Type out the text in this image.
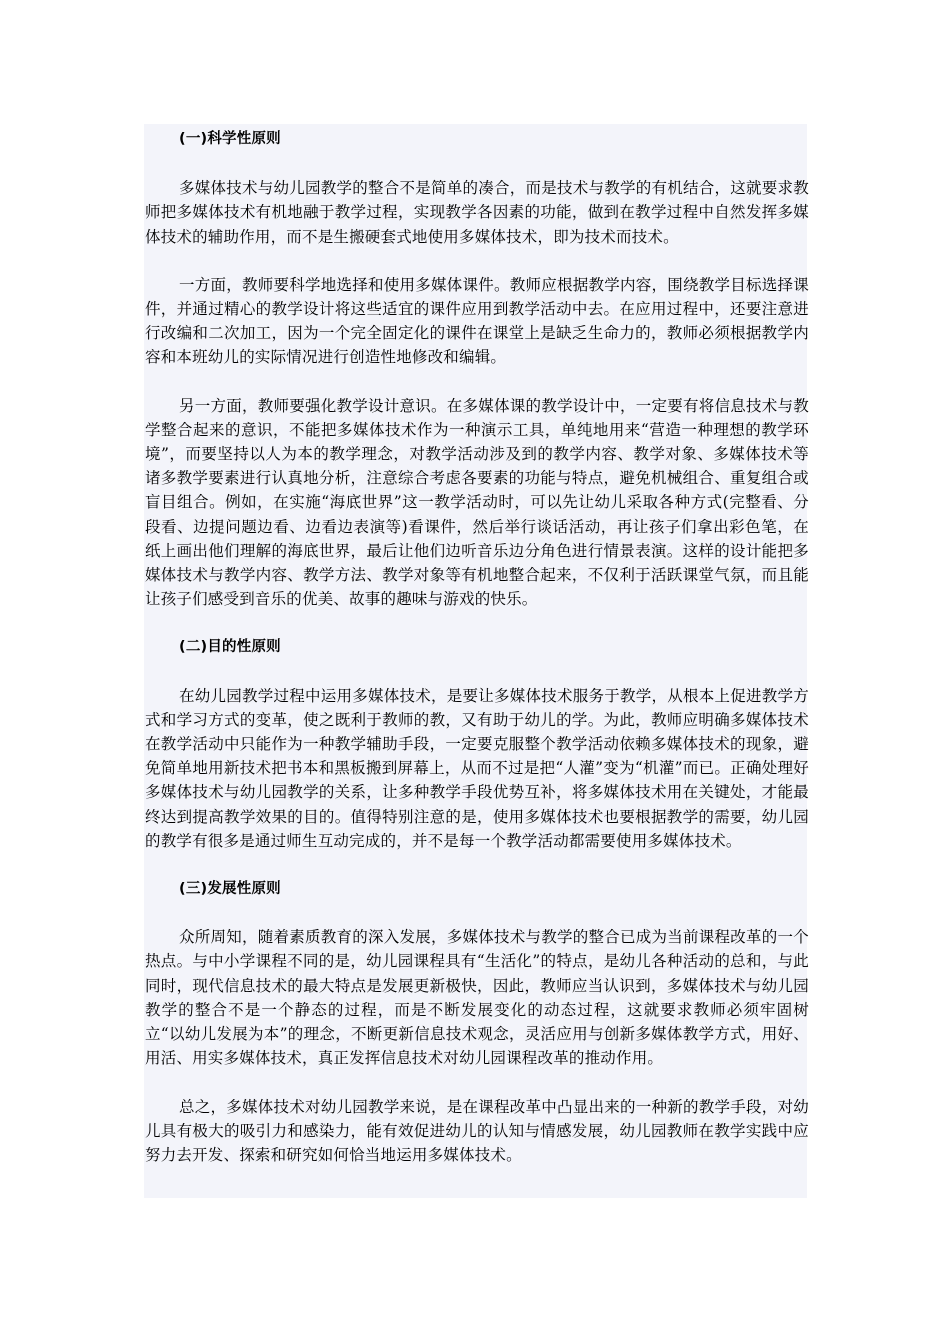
(一)科学性原则

多媒体技术与幼儿园教学的整合不是简单的凑合，而是技术与教学的有机结合，这就要求教师把多媒体技术有机地融于教学过程，实现教学各因素的功能，做到在教学过程中自然发挥多媒体技术的辅助作用，而不是生搬硬套式地使用多媒体技术，即为技术而技术。

一方面，教师要科学地选择和使用多媒体课件。教师应根据教学内容，围绕教学目标选择课件，并通过精心的教学设计将这些适宜的课件应用到教学活动中去。在应用过程中，还要注意进行改编和二次加工，因为一个完全固定化的课件在课堂上是缺乏生命力的，教师必须根据教学内容和本班幼儿的实际情况进行创造性地修改和编辑。

另一方面，教师要强化教学设计意识。在多媒体课的教学设计中，一定要有将信息技术与教学整合起来的意识，不能把多媒体技术作为一种演示工具，单纯地用来“营造一种理想的教学环境”，而要坚持以人为本的教学理念，对教学活动涉及到的教学内容、教学对象、多媒体技术等诸多教学要素进行认真地分析，注意综合考虑各要素的功能与特点，避免机械组合、重复组合或盲目组合。例如，在实施“海底世界”这一教学活动时，可以先让幼儿采取各种方式(完整看、分段看、边提问题边看、边看边表演等)看课件，然后举行谈话活动，再让孩子们拿出彩色笔，在纸上画出他们理解的海底世界，最后让他们边听音乐边分角色进行情景表演。这样的设计能把多媒体技术与教学内容、教学方法、教学对象等有机地整合起来，不仅利于活跃课堂气氛，而且能让孩子们感受到音乐的优美、故事的趣味与游戏的快乐。

(二)目的性原则

在幼儿园教学过程中运用多媒体技术，是要让多媒体技术服务于教学，从根本上促进教学方式和学习方式的变革，使之既利于教师的教，又有助于幼儿的学。为此，教师应明确多媒体技术在教学活动中只能作为一种教学辅助手段，一定要克服整个教学活动依赖多媒体技术的现象，避免简单地用新技术把书本和黑板搬到屏幕上，从而不过是把“人灌”变为“机灌”而已。正确处理好多媒体技术与幼儿园教学的关系，让多种教学手段优势互补，将多媒体技术用在关键处，才能最终达到提高教学效果的目的。值得特别注意的是，使用多媒体技术也要根据教学的需要，幼儿园的教学有很多是通过师生互动完成的，并不是每一个教学活动都需要使用多媒体技术。

(三)发展性原则

众所周知，随着素质教育的深入发展，多媒体技术与教学的整合已成为当前课程改革的一个热点。与中小学课程不同的是，幼儿园课程具有“生活化”的特点，是幼儿各种活动的总和，与此同时，现代信息技术的最大特点是发展更新极快，因此，教师应当认识到，多媒体技术与幼儿园教学的整合不是一个静态的过程，而是不断发展变化的动态过程，这就要求教师必须牢固树立“以幼儿发展为本”的理念，不断更新信息技术观念，灵活应用与创新多媒体教学方式，用好、用活、用实多媒体技术，真正发挥信息技术对幼儿园课程改革的推动作用。

总之，多媒体技术对幼儿园教学来说，是在课程改革中凸显出来的一种新的教学手段，对幼儿具有极大的吸引力和感染力，能有效促进幼儿的认知与情感发展，幼儿园教师在教学实践中应努力去开发、探索和研究如何恰当地运用多媒体技术。
